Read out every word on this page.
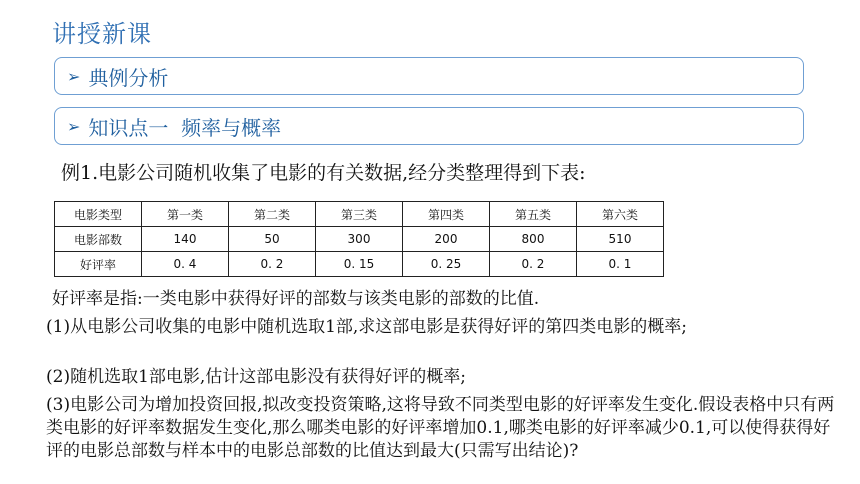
讲授新课
➢ 典例分析
➢ 知识点一  频率与概率
例1.电影公司随机收集了电影的有关数据,经分类整理得到下表:
电影类型	第一类	第二类	第三类	第四类	第五类	第六类
电影部数	140	50	300	200	800	510
好评率	0. 4	0. 2	0. 15	0. 25	0. 2	0. 1
好评率是指:一类电影中获得好评的部数与该类电影的部数的比值.
(1)从电影公司收集的电影中随机选取1部,求这部电影是获得好评的第四类电影的概率;
(2)随机选取1部电影,估计这部电影没有获得好评的概率;
(3)电影公司为增加投资回报,拟改变投资策略,这将导致不同类型电影的好评率发生变化.假设表格中只有两类电影的好评率数据发生变化,那么哪类电影的好评率增加0.1,哪类电影的好评率减少0.1,可以使得获得好评的电影总部数与样本中的电影总部数的比值达到最大(只需写出结论)?
